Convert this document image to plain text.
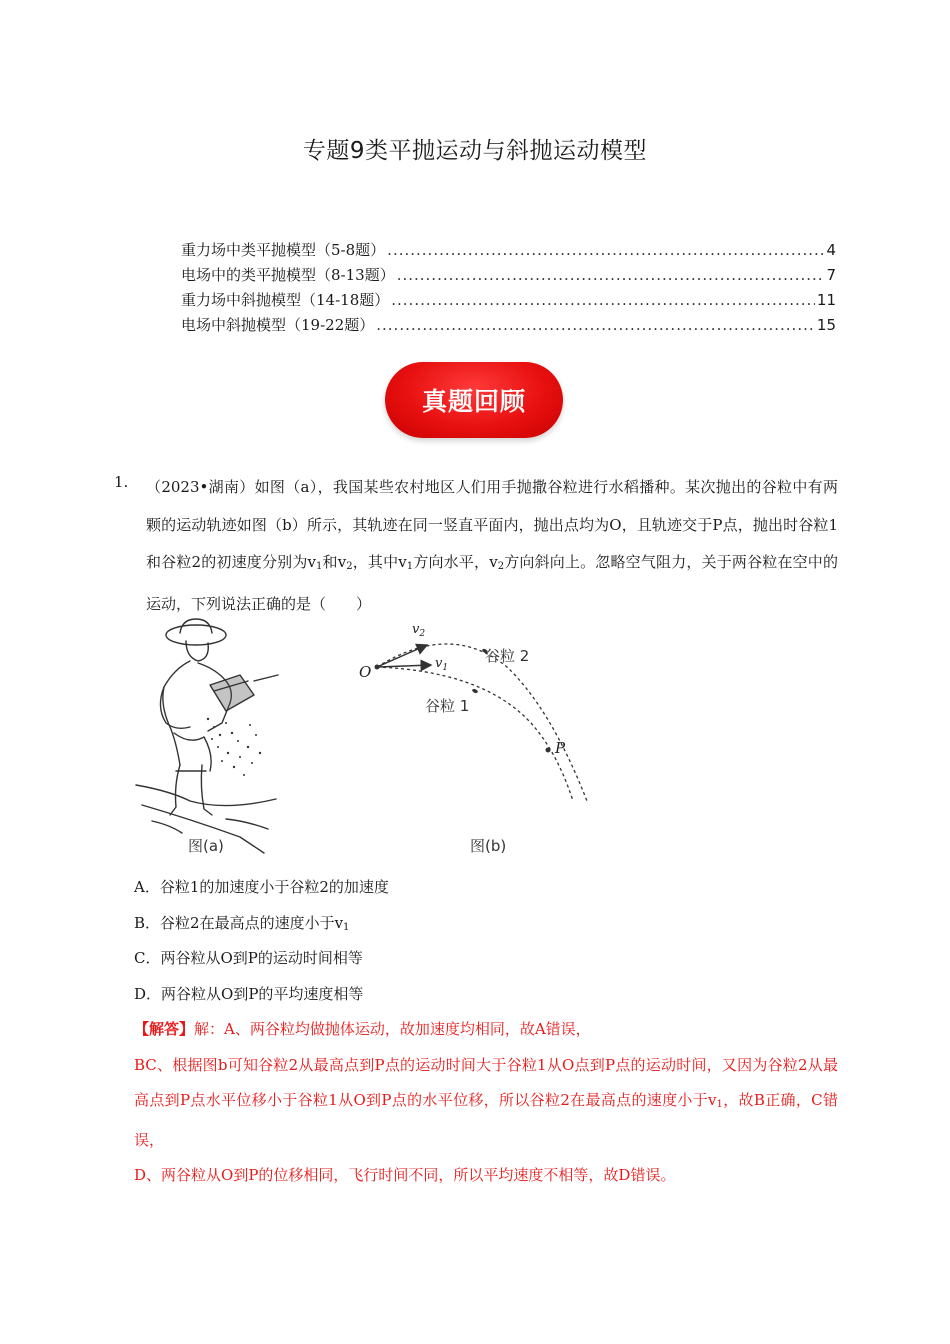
专题9类平抛运动与斜抛运动模型
重力场中类平抛模型（5-8题） .....	4
电场中的类平抛模型（8-13题） .....	7
重力场中斜抛模型（14-18题） .....	11
电场中斜抛模型（19-22题） .....	15
真题回顾
1. （2023•湖南）如图（a），我国某些农村地区人们用手抛撒谷粒进行水稻播种。某次抛出的谷粒中有两颗的运动轨迹如图（b）所示，其轨迹在同一竖直平面内，抛出点均为O，且轨迹交于P点，抛出时谷粒1和谷粒2的初速度分别为$v_1$和$v_2$，其中$v_1$方向水平，$v_2$方向斜向上。忽略空气阻力，关于两谷粒在空中的运动，下列说法正确的是（　　）
图(a)
O
P
$v_2$
$v_1$
谷粒 2
谷粒 1
图(b)
A．谷粒1的加速度小于谷粒2的加速度
B．谷粒2在最高点的速度小于$v_1$
C．两谷粒从O到P的运动时间相等
D．两谷粒从O到P的平均速度相等

【解答】解：A、两谷粒均做抛体运动，故加速度均相同，故A错误，

BC、根据图b可知谷粒2从最高点到P点的运动时间大于谷粒1从O点到P点的运动时间，又因为谷粒2从最高点到P点水平位移小于谷粒1从O到P点的水平位移，所以谷粒2在最高点的速度小于$v_1$，故B正确，C错误，

D、两谷粒从O到P的位移相同，飞行时间不同，所以平均速度不相等，故D错误。
